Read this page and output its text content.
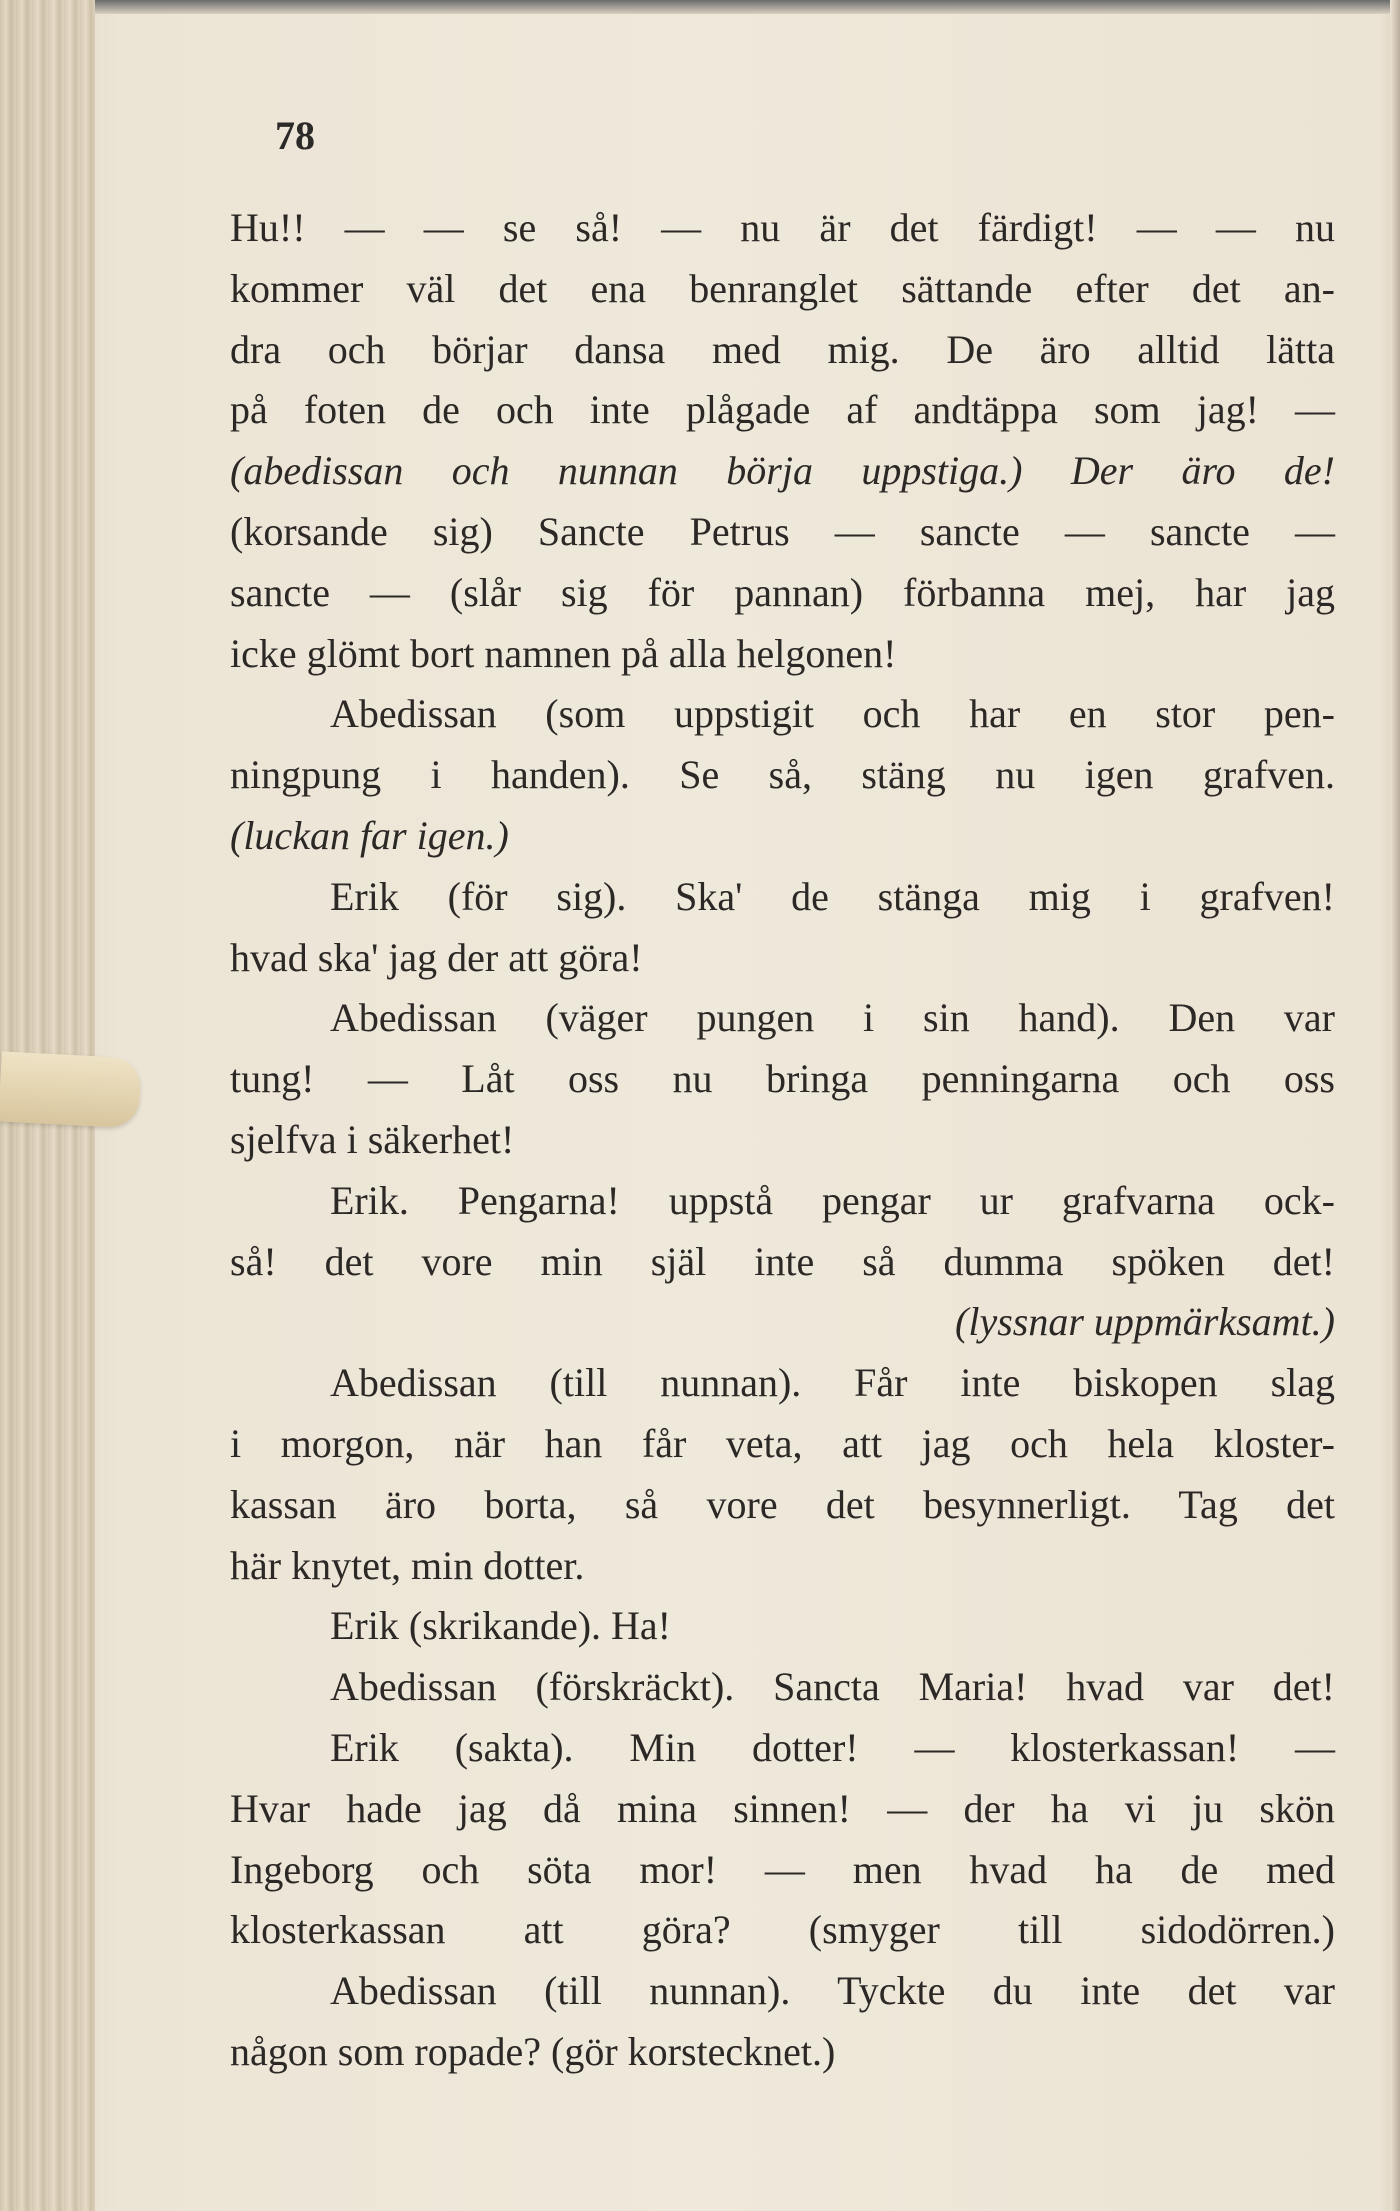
78
Hu!! — — se så! — nu är det färdigt! — — nu
kommer väl det ena benranglet sättande efter det an-
dra och börjar dansa med mig. De äro alltid lätta
på foten de och inte plågade af andtäppa som jag! —
(abedissan och nunnan börja uppstiga.) Der äro de!
(korsande sig) Sancte Petrus — sancte — sancte —
sancte — (slår sig för pannan) förbanna mej, har jag
icke glömt bort namnen på alla helgonen!
Abedissan (som uppstigit och har en stor pen-
ningpung i handen). Se så, stäng nu igen grafven.
(luckan far igen.)
Erik (för sig). Ska' de stänga mig i grafven!
hvad ska' jag der att göra!
Abedissan (väger pungen i sin hand). Den var
tung! — Låt oss nu bringa penningarna och oss
sjelfva i säkerhet!
Erik. Pengarna! uppstå pengar ur grafvarna ock-
så! det vore min själ inte så dumma spöken det!
(lyssnar uppmärksamt.)
Abedissan (till nunnan). Får inte biskopen slag
i morgon, när han får veta, att jag och hela kloster-
kassan äro borta, så vore det besynnerligt. Tag det
här knytet, min dotter.
Erik (skrikande). Ha!
Abedissan (förskräckt). Sancta Maria! hvad var det!
Erik (sakta). Min dotter! — klosterkassan! —
Hvar hade jag då mina sinnen! — der ha vi ju skön
Ingeborg och söta mor! — men hvad ha de med
klosterkassan att göra? (smyger till sidodörren.)
Abedissan (till nunnan). Tyckte du inte det var
någon som ropade? (gör korstecknet.)
